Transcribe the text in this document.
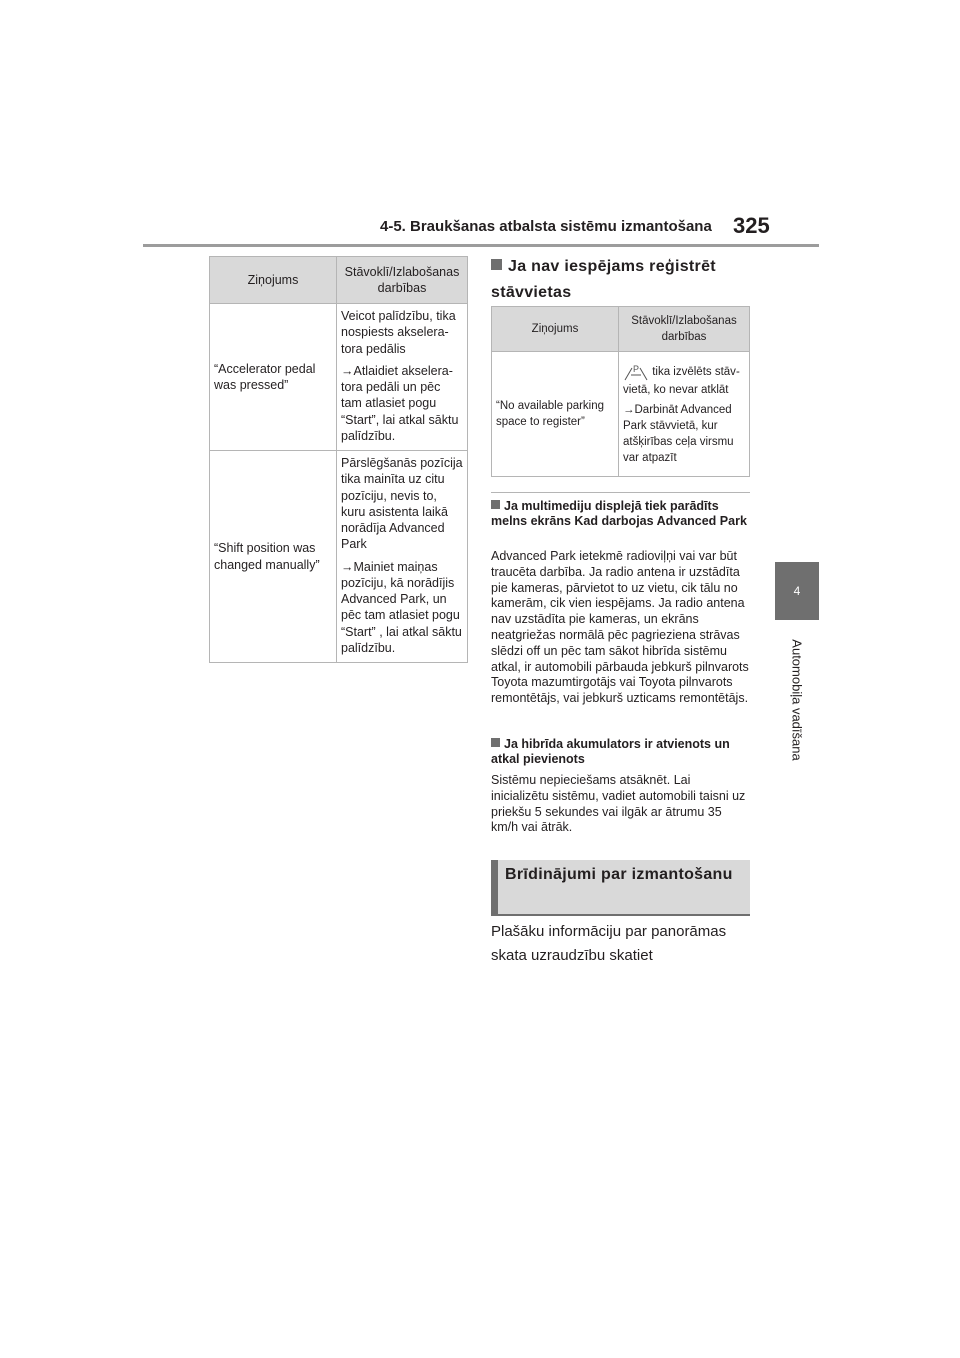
4-5. Braukšanas atbalsta sistēmu izmantošana 325
4
Automobiļa vadīšana
Ziņojums	Stāvoklī/Izlabošanas darbības
“Accelerator pedal was pressed”	Veicot palīdzību, tika nospiests akseleratora pedālis

→Atlaidiet akseleratora pedāli un pēc tam atlasiet pogu “Start”, lai atkal sāktu palīdzību.

“Shift position was changed manually”	Pārslēgšanās pozīcija tika mainīta uz citu pozīciju, nevis to, kuru asistenta laikā norādīja Advanced Park

→Mainiet maiņas pozīciju, kā norādījis Advanced Park, un pēc tam atlasiet pogu “Start” , lai atkal sāktu palīdzību.

Ja nav iespējams reģistrēt stāvvietas
Ziņojums	Stāvoklī/Izlabošanas darbības
“No available parking space to register”	P tika izvēlēts stāvvietā, ko nevar atklāt

→Darbināt Advanced Park stāvvietā, kur atšķirības ceļa virsmu var atpazīt

Ja multimediju displejā tiek parādīts melns ekrāns Kad darbojas Advanced Park
Advanced Park ietekmē radioviļņi vai var būt traucēta darbība. Ja radio antena ir uzstādīta pie kameras, pārvietot to uz vietu, cik tālu no kamerām, cik vien iespējams. Ja radio antena nav uzstādīta pie kameras, un ekrāns neatgriežas normālā pēc pagrieziena strāvas slēdzi off un pēc tam sākot hibrīda sistēmu atkal, ir automobili pārbauda jebkurš pilnvarots Toyota mazumtirgotājs vai Toyota pilnvarots remontētājs, vai jebkurš uzticams remontētājs.
Ja hibrīda akumulators ir atvienots un atkal pievienots
Sistēmu nepieciešams atsāknēt. Lai inicializētu sistēmu, vadiet automobili taisni uz priekšu 5 sekundes vai ilgāk ar ātrumu 35 km/h vai ātrāk.
Brīdinājumi par izmantošanu
Plašāku informāciju par panorāmas skata uzraudzību skatiet
